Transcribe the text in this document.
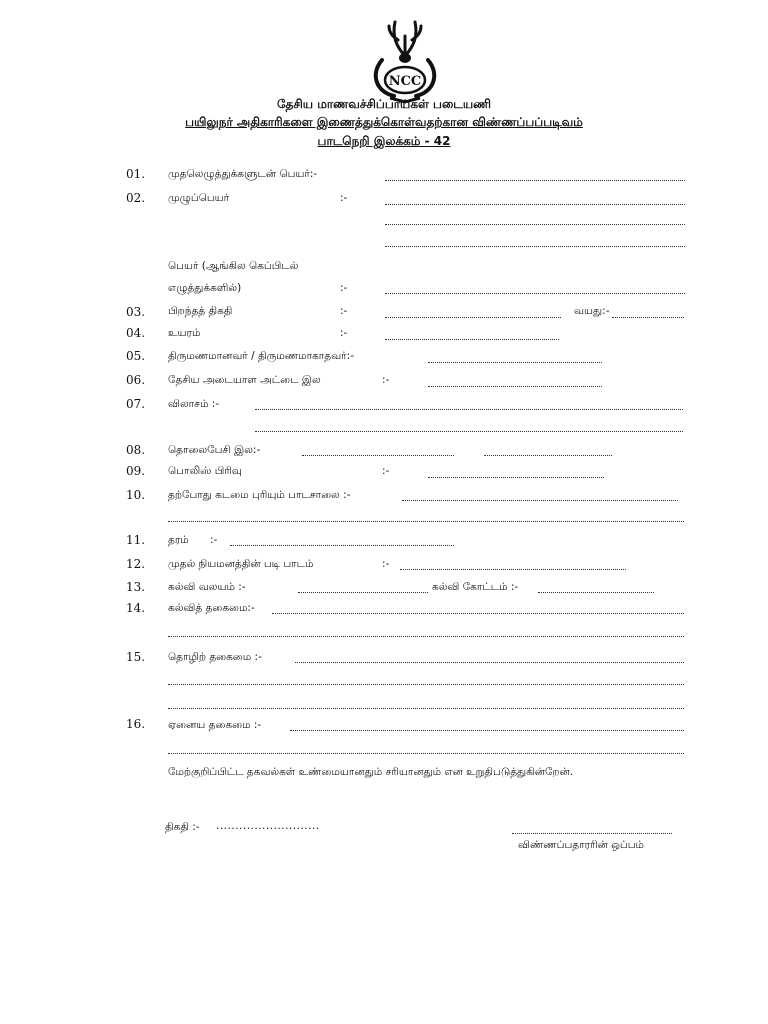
NCC
தேசிய மாணவச்சிப்பாய்கள் படையணி
பயிலுநர் அதிகாரிகளை இணைத்துக்கொள்வதற்கான விண்ணப்பப்படிவம்
பாடநெறி இலக்கம் - 42
01. முதலெழுத்துக்களுடன் பெயர்:-
02. முழுப்பெயர்	:-
பெயர் (ஆங்கில கெப்பிடல்
எழுத்துக்களில்)	:-
03. பிறந்தத் திகதி	:-	வயது:-
04. உயரம்	:-
05. திருமணமானவர் / திருமணமாகாதவர்:-
06. தேசிய அடையாள அட்டை இல	:-
07. விலாசம் :-
08. தொலைபேசி இல:-
09. பொலிஸ் பிரிவு	:-
10. தற்போது கடமை புரியும் பாடசாலை :-
11. தரம் :-
12. முதல் நியமனத்தின் படி பாடம்	:-
13. கல்வி வலயம் :-	கல்வி கோட்டம் :-
14. கல்வித் தகைமை:-
15. தொழிற் தகைமை :-
16. ஏனைய தகைமை :-
மேற்குறிப்பிட்ட தகவல்கள் உண்மையானதும் சரியானதும் என உறுதிபடுத்துகின்றேன்.
திகதி :- ...........................
விண்ணப்பதாரரின் ஒப்பம்
